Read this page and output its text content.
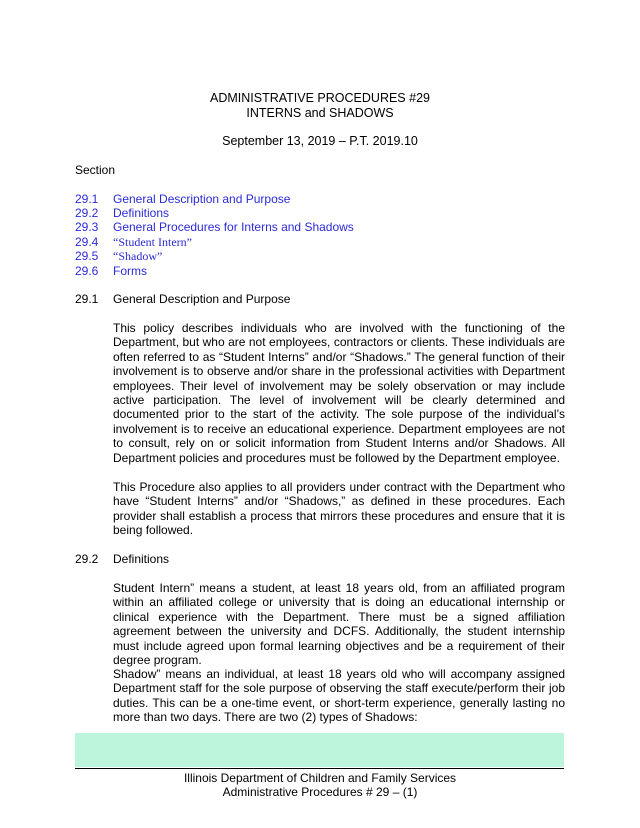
ADMINISTRATIVE PROCEDURES #29
INTERNS and SHADOWS
September 13, 2019 – P.T. 2019.10
Section
29.1 General Description and Purpose
29.2 Definitions
29.3 General Procedures for Interns and Shadows
29.4 “Student Intern”
29.5 “Shadow”
29.6 Forms
29.1 General Description and Purpose

This policy describes individuals who are involved with the functioning of the Department, but who are not employees, contractors or clients. These individuals are often referred to as “Student Interns” and/or “Shadows.” The general function of their involvement is to observe and/or share in the professional activities with Department employees. Their level of involvement may be solely observation or may include active participation. The level of involvement will be clearly determined and documented prior to the start of the activity. The sole purpose of the individual’s involvement is to receive an educational experience. Department employees are not to consult, rely on or solicit information from Student Interns and/or Shadows. All Department policies and procedures must be followed by the Department employee.

This Procedure also applies to all providers under contract with the Department who have “Student Interns” and/or “Shadows,” as defined in these procedures. Each provider shall establish a process that mirrors these procedures and ensure that it is being followed.

29.2 Definitions

Student Intern” means a student, at least 18 years old, from an affiliated program within an affiliated college or university that is doing an educational internship or clinical experience with the Department. There must be a signed affiliation agreement between the university and DCFS. Additionally, the student internship must include agreed upon formal learning objectives and be a requirement of their degree program.

Shadow” means an individual, at least 18 years old who will accompany assigned Department staff for the sole purpose of observing the staff execute/perform their job duties. This can be a one-time event, or short-term experience, generally lasting no more than two days. There are two (2) types of Shadows:

Illinois Department of Children and Family Services
Administrative Procedures # 29 – (1)
